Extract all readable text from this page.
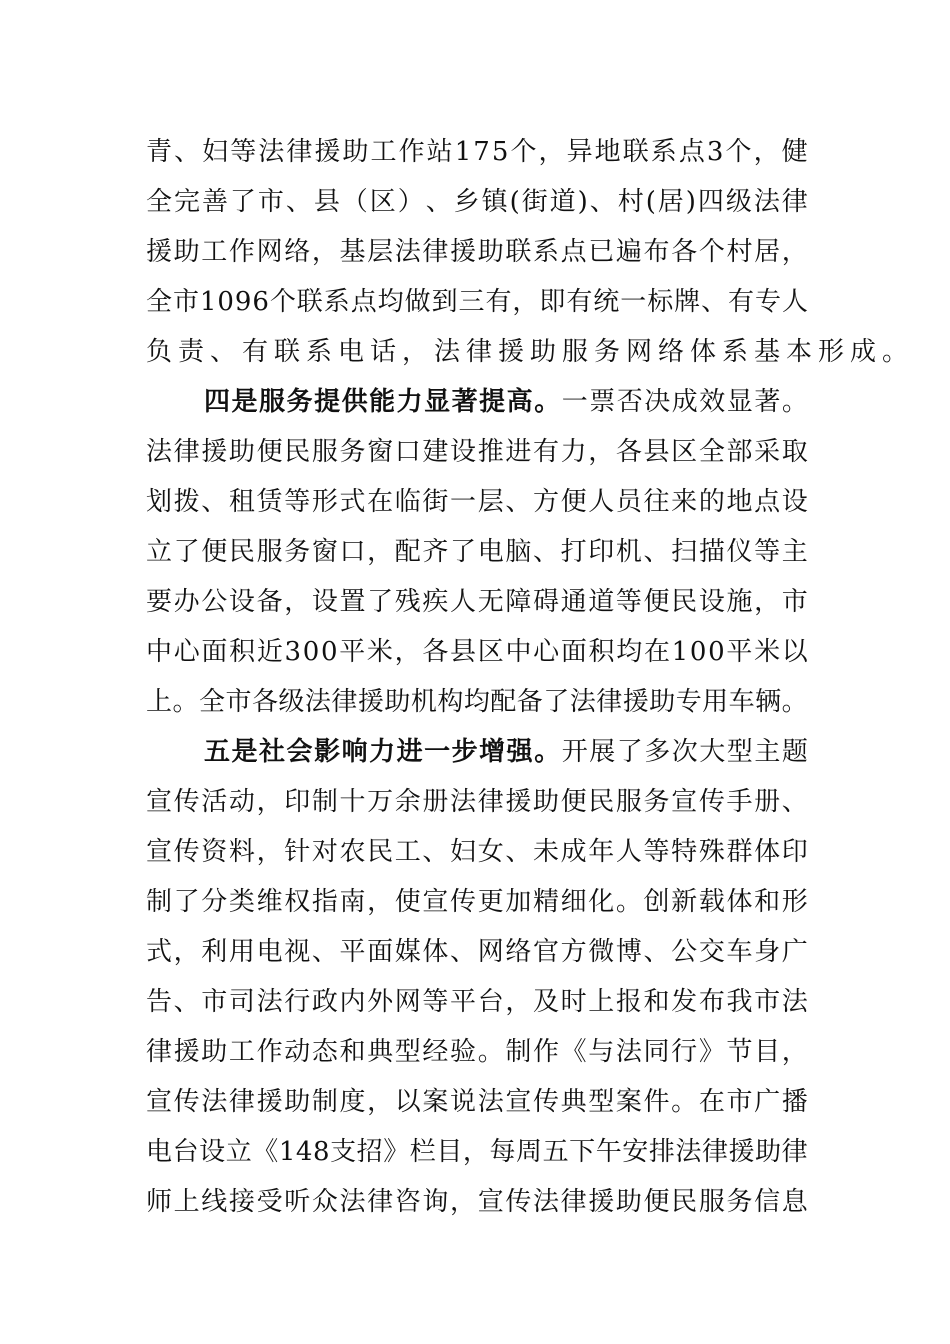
青 、 妇 等 法 律 援 助 工 作 站 1 7 5 个 ， 异 地 联 系 点 3 个 ， 健
全 完 善 了 市 、 县 （ 区 ） 、 乡 镇 ( 街 道 ) 、 村 ( 居 ) 四 级 法 律
援 助 工 作 网 络 ， 基 层 法 律 援 助 联 系 点 已 遍 布 各 个 村 居 ，
全 市 1 0 9 6 个 联 系 点 均 做 到 三 有 ， 即 有 统 一 标 牌 、 有 专 人
负责、有联系电话，法律援助服务网络体系基本形成。
四 是 服 务 提 供 能 力 显 著 提 高 。 一 票 否 决 成 效 显 著 。
法 律 援 助 便 民 服 务 窗 口 建 设 推 进 有 力 ， 各 县 区 全 部 采 取
划 拨 、 租 赁 等 形 式 在 临 街 一 层 、 方 便 人 员 往 来 的 地 点 设
立 了 便 民 服 务 窗 口 ， 配 齐 了 电 脑 、 打 印 机 、 扫 描 仪 等 主
要 办 公 设 备 ， 设 置 了 残 疾 人 无 障 碍 通 道 等 便 民 设 施 ， 市
中 心 面 积 近 3 0 0 平 米 ， 各 县 区 中 心 面 积 均 在 1 0 0 平 米 以
上 。 全 市 各 级 法 律 援 助 机 构 均 配 备 了 法 律 援 助 专 用 车 辆 。
五 是 社 会 影 响 力 进 一 步 增 强 。 开 展 了 多 次 大 型 主 题
宣 传 活 动 ， 印 制 十 万 余 册 法 律 援 助 便 民 服 务 宣 传 手 册 、
宣 传 资 料 ， 针 对 农 民 工 、 妇 女 、 未 成 年 人 等 特 殊 群 体 印
制 了 分 类 维 权 指 南 ， 使 宣 传 更 加 精 细 化 。 创 新 载 体 和 形
式 ， 利 用 电 视 、 平 面 媒 体 、 网 络 官 方 微 博 、 公 交 车 身 广
告 、 市 司 法 行 政 内 外 网 等 平 台 ， 及 时 上 报 和 发 布 我 市 法
律 援 助 工 作 动 态 和 典 型 经 验 。 制 作 《 与 法 同 行 》 节 目 ，
宣 传 法 律 援 助 制 度 ， 以 案 说 法 宣 传 典 型 案 件 。 在 市 广 播
电 台 设 立 《 1 4 8 支 招 》 栏 目 ， 每 周 五 下 午 安 排 法 律 援 助 律
师 上 线 接 受 听 众 法 律 咨 询 ， 宣 传 法 律 援 助 便 民 服 务 信 息
